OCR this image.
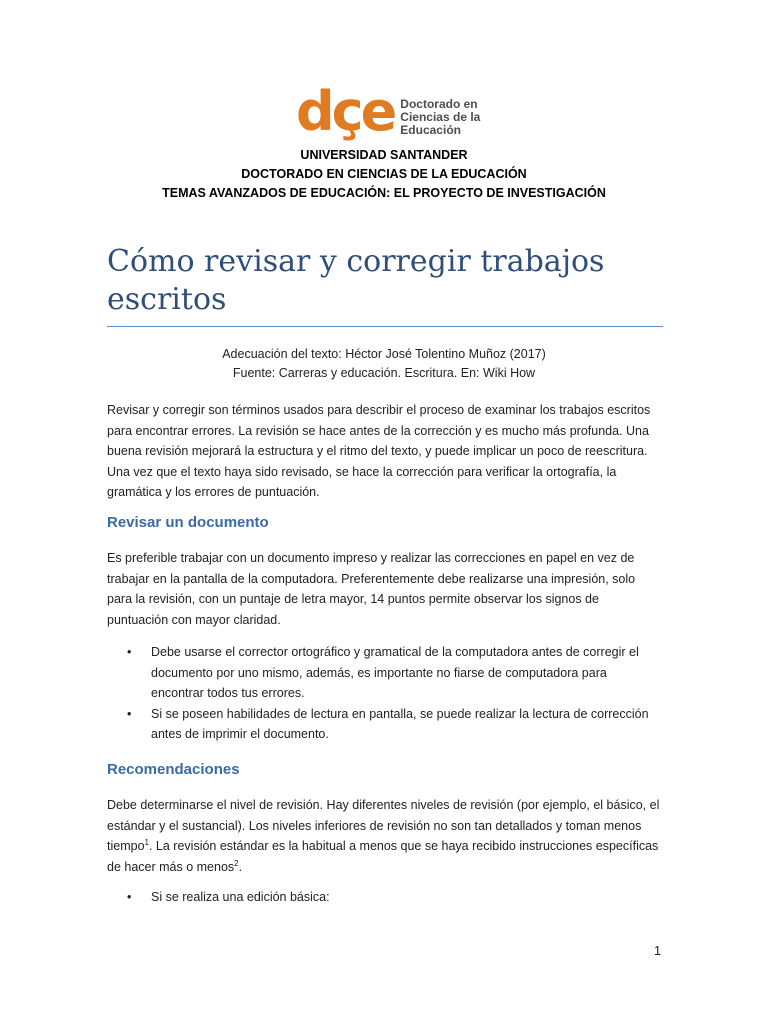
dçe Doctorado en
Ciencias de la
Educación
UNIVERSIDAD SANTANDER
DOCTORADO EN CIENCIAS DE LA EDUCACIÓN
TEMAS AVANZADOS DE EDUCACIÓN: EL PROYECTO DE INVESTIGACIÓN
Cómo revisar y corregir trabajos escritos
Adecuación del texto: Héctor José Tolentino Muñoz (2017)
Fuente: Carreras y educación. Escritura. En: Wiki How
Revisar y corregir son términos usados para describir el proceso de examinar los trabajos escritos para encontrar errores. La revisión se hace antes de la corrección y es mucho más profunda. Una buena revisión mejorará la estructura y el ritmo del texto, y puede implicar un poco de reescritura. Una vez que el texto haya sido revisado, se hace la corrección para verificar la ortografía, la gramática y los errores de puntuación.
Revisar un documento
Es preferible trabajar con un documento impreso y realizar las correcciones en papel en vez de trabajar en la pantalla de la computadora. Preferentemente debe realizarse una impresión, solo para la revisión, con un puntaje de letra mayor, 14 puntos permite observar los signos de puntuación con mayor claridad.
• Debe usarse el corrector ortográfico y gramatical de la computadora antes de corregir el documento por uno mismo, además, es importante no fiarse de computadora para encontrar todos tus errores.
• Si se poseen habilidades de lectura en pantalla, se puede realizar la lectura de corrección antes de imprimir el documento.
Recomendaciones
Debe determinarse el nivel de revisión. Hay diferentes niveles de revisión (por ejemplo, el básico, el estándar y el sustancial). Los niveles inferiores de revisión no son tan detallados y toman menos tiempo$^1$. La revisión estándar es la habitual a menos que se haya recibido instrucciones específicas de hacer más o menos$^2$.
• Si se realiza una edición básica:
1
